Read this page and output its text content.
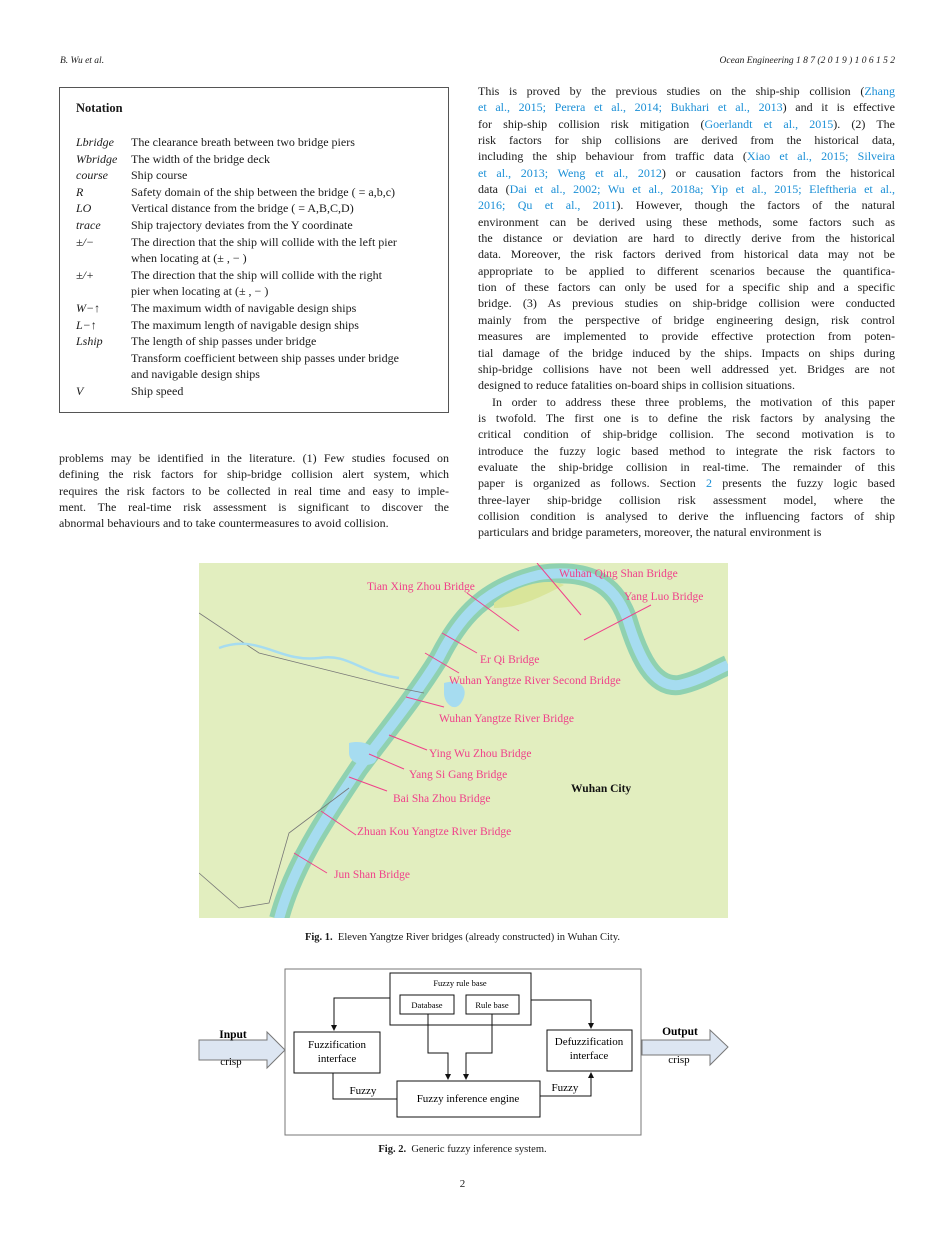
B. Wu et al.	Ocean Engineering 1 8 7 (2 0 1 9 ) 1 0 6 1 5 2
Notation
Lbridge	The clearance breath between two bridge piers
Wbridge	The width of the bridge deck
course	Ship course
R	Safety domain of the ship between the bridge ( = a,b,c)
LO	Vertical distance from the bridge ( = A,B,C,D)
trace	Ship trajectory deviates from the Y coordinate
±/−	The direction that the ship will collide with the left pier
when locating at (± , − )
±/+	The direction that the ship will collide with the right
pier when locating at (± , − )
W−↑	The maximum width of navigable design ships
L−↑	The maximum length of navigable design ships
Lship	The length of ship passes under bridge
Transform coefficient between ship passes under bridge
and navigable design ships
V	Ship speed
problems may be identified in the literature. (1) Few studies focused on
defining the risk factors for ship-bridge collision alert system, which
requires the risk factors to be collected in real time and easy to imple-
ment. The real-time risk assessment is significant to discover the
abnormal behaviours and to take countermeasures to avoid collision.
This is proved by the previous studies on the ship-ship collision (Zhang
et al., 2015; Perera et al., 2014; Bukhari et al., 2013) and it is effective
for ship-ship collision risk mitigation (Goerlandt et al., 2015). (2) The
risk factors for ship collisions are derived from the historical data,
including the ship behaviour from traffic data (Xiao et al., 2015; Silveira
et al., 2013; Weng et al., 2012) or causation factors from the historical
data (Dai et al., 2002; Wu et al., 2018a; Yip et al., 2015; Eleftheria et al.,
2016; Qu et al., 2011). However, though the factors of the natural
environment can be derived using these methods, some factors such as
the distance or deviation are hard to directly derive from the historical
data. Moreover, the risk factors derived from historical data may not be
appropriate to be applied to different scenarios because the quantifica-
tion of these factors can only be used for a specific ship and a specific
bridge. (3) As previous studies on ship-bridge collision were conducted
mainly from the perspective of bridge engineering design, risk control
measures are implemented to provide effective protection from poten-
tial damage of the bridge induced by the ships. Impacts on ships during
ship-bridge collisions have not been well addressed yet. Bridges are not
designed to reduce fatalities on-board ships in collision situations.
In order to address these three problems, the motivation of this paper
is twofold. The first one is to define the risk factors by analysing the
critical condition of ship-bridge collision. The second motivation is to
introduce the fuzzy logic based method to integrate the risk factors to
evaluate the ship-bridge collision in real-time. The remainder of this
paper is organized as follows. Section 2 presents the fuzzy logic based
three-layer ship-bridge collision risk assessment model, where the
collision condition is analysed to derive the influencing factors of ship
particulars and bridge parameters, moreover, the natural environment is
Tian Xing Zhou Bridge
Wuhan Qing Shan Bridge
Yang Luo Bridge
Er Qi Bridge
Wuhan Yangtze River Second Bridge
Wuhan Yangtze River Bridge
Ying Wu Zhou Bridge
Yang Si Gang Bridge
Bai Sha Zhou Bridge
Zhuan Kou Yangtze River Bridge
Jun Shan Bridge
Wuhan City
Fig. 1. Eleven Yangtze River bridges (already constructed) in Wuhan City.
Fuzzy rule base
Database	Rule base
Fuzzification
interface
Defuzzification
interface
Fuzzy inference engine
Fuzzy	Fuzzy
Input
crisp
Output
crisp
Fig. 2. Generic fuzzy inference system.
2
